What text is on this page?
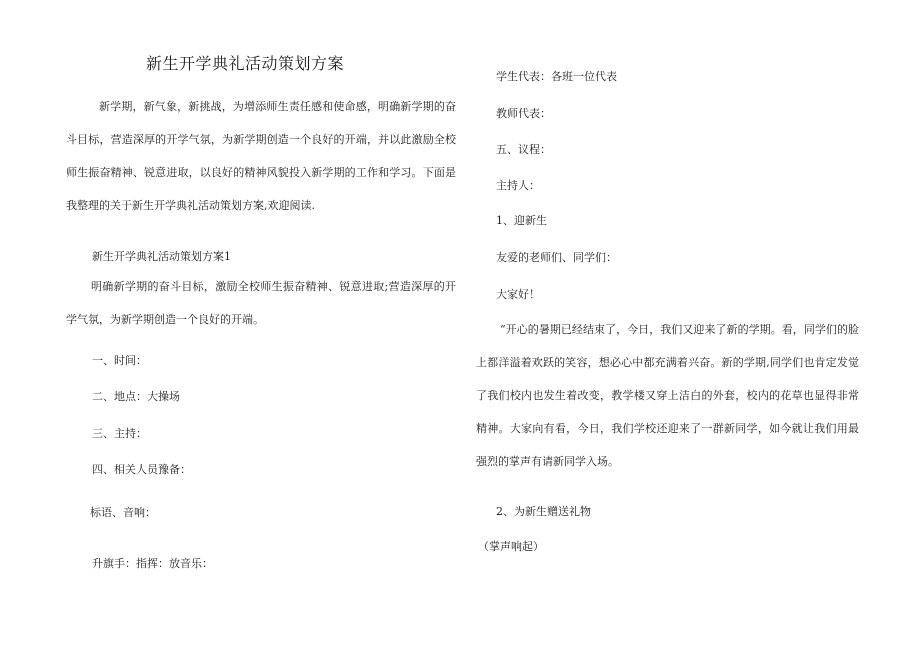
新生开学典礼活动策划方案

新学期，新气象，新挑战，为增添师生责任感和使命感，明确新学期的奋斗目标，营造深厚的开学气氛，为新学期创造一个良好的开端，并以此激励全校师生振奋精神、锐意进取，以良好的精神风貌投入新学期的工作和学习。下面是我整理的关于新生开学典礼活动策划方案,欢迎阅读.

新生开学典礼活动策划方案1

明确新学期的奋斗目标，激励全校师生振奋精神、锐意进取;营造深厚的开学气氛，为新学期创造一个良好的开端。

一、时间：

二、地点：大操场

三、主持：

四、相关人员豫备：

标语、音响：

升旗手：指挥：放音乐：

学生代表：各班一位代表

教师代表：

五、议程：

主持人：

1、迎新生

友爱的老师们、同学们：

大家好！

“开心的暑期已经结束了，今日，我们又迎来了新的学期。看，同学们的脸上都洋溢着欢跃的笑容，想必心中都充满着兴奋。新的学期,同学们也肯定发觉了我们校内也发生着改变，教学楼又穿上洁白的外套，校内的花草也显得非常精神。大家向有看，今日，我们学校还迎来了一群新同学，如今就让我们用最强烈的掌声有请新同学入场。

2、为新生赠送礼物

（掌声响起）
